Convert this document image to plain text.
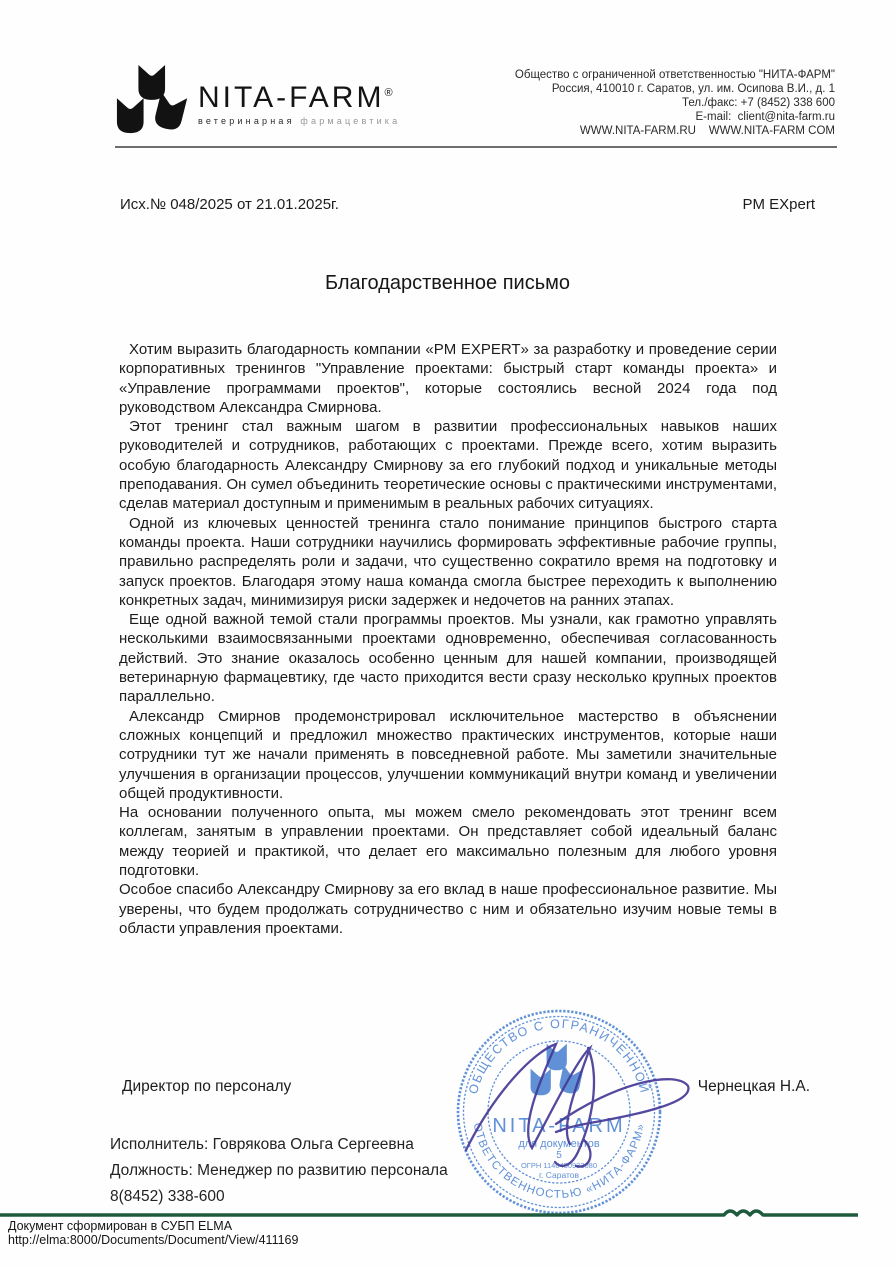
NITA-FARM®
ветеринарная фармацевтика
Общество с ограниченной ответственностью "НИТА-ФАРМ"
Россия, 410010 г. Саратов, ул. им. Осипова В.И., д. 1
Тел./факс: +7 (8452) 338 600
E-mail:  client@nita-farm.ru
WWW.NITA-FARM.RU    WWW.NITA-FARM COM
Исх.№ 048/2025 от 21.01.2025г.	PM EXpert
Благодарственное письмо

Хотим выразить благодарность компании «PM EXPERT» за разработку и проведение серии корпоративных тренингов "Управление проектами: быстрый старт команды проекта» и «Управление программами проектов", которые состоялись весной 2024 года под руководством Александра Смирнова.

Этот тренинг стал важным шагом в развитии профессиональных навыков наших руководителей и сотрудников, работающих с проектами. Прежде всего, хотим выразить особую благодарность Александру Смирнову за его глубокий подход и уникальные методы преподавания. Он сумел объединить теоретические основы с практическими инструментами, сделав материал доступным и применимым в реальных рабочих ситуациях.

Одной из ключевых ценностей тренинга стало понимание принципов быстрого старта команды проекта. Наши сотрудники научились формировать эффективные рабочие группы, правильно распределять роли и задачи, что существенно сократило время на подготовку и запуск проектов. Благодаря этому наша команда смогла быстрее переходить к выполнению конкретных задач, минимизируя риски задержек и недочетов на ранних этапах.

Еще одной важной темой стали программы проектов. Мы узнали, как грамотно управлять несколькими взаимосвязанными проектами одновременно, обеспечивая согласованность действий. Это знание оказалось особенно ценным для нашей компании, производящей ветеринарную фармацевтику, где часто приходится вести сразу несколько крупных проектов параллельно.

Александр Смирнов продемонстрировал исключительное мастерство в объяснении сложных концепций и предложил множество практических инструментов, которые наши сотрудники тут же начали применять в повседневной работе. Мы заметили значительные улучшения в организации процессов, улучшении коммуникаций внутри команд и увеличении общей продуктивности.

На основании полученного опыта, мы можем смело рекомендовать этот тренинг всем коллегам, занятым в управлении проектами. Он представляет собой идеальный баланс между теорией и практикой, что делает его максимально полезным для любого уровня подготовки.

Особое спасибо Александру Смирнову за его вклад в наше профессиональное развитие. Мы уверены, что будем продолжать сотрудничество с ним и обязательно изучим новые темы в области управления проектами.

ОБЩЕСТВО С ОГРАНИЧЕННОЙ
ОТВЕТСТВЕННОСТЬЮ «НИТА-ФАРМ»
NITA-FARM
для документов
5
ОГРН 1146450933080
г. Саратов
Директор по персоналу	Чернецкая Н.А.
Исполнитель: Говрякова Ольга Сергеевна
Должность: Менеджер по развитию персонала
8(8452) 338-600
Документ сформирован в СУБП ELMA
http://elma:8000/Documents/Document/View/411169
